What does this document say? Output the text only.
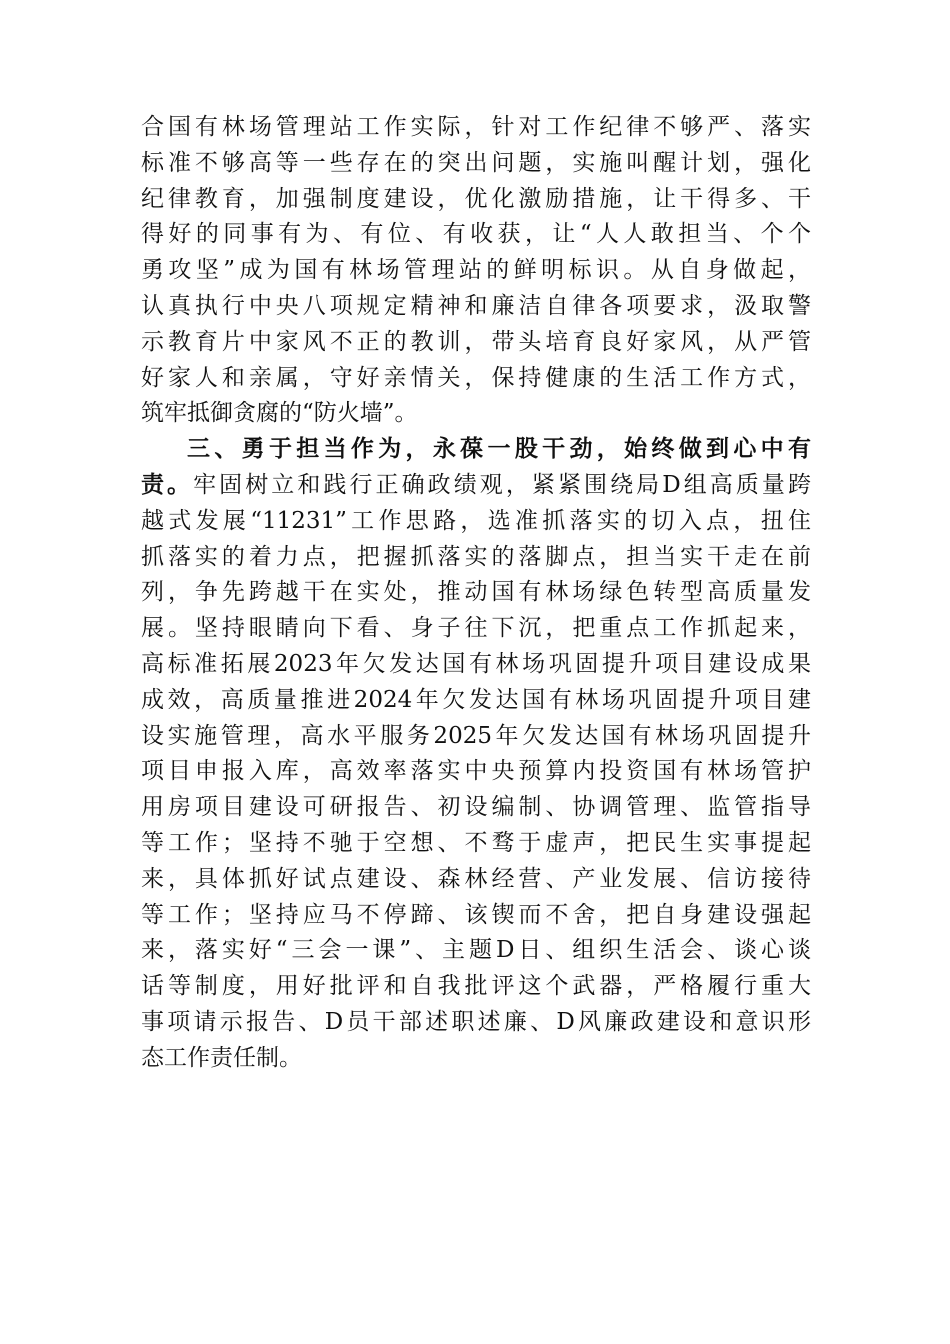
合国有林场管理站工作实际，针对工作纪律不够严、落实
标准不够高等一些存在的突出问题，实施叫醒计划，强化
纪律教育，加强制度建设，优化激励措施，让干得多、干
得好的同事有为、有位、有收获，让“人人敢担当、个个
勇攻坚”成为国有林场管理站的鲜明标识。从自身做起，
认真执行中央八项规定精神和廉洁自律各项要求，汲取警
示教育片中家风不正的教训，带头培育良好家风，从严管
好家人和亲属，守好亲情关，保持健康的生活工作方式，
筑牢抵御贪腐的“防火墙”。
三、勇于担当作为，永葆一股干劲，始终做到心中有
责。牢固树立和践行正确政绩观，紧紧围绕局D组高质量跨
越式发展“11231”工作思路，选准抓落实的切入点，扭住
抓落实的着力点，把握抓落实的落脚点，担当实干走在前
列，争先跨越干在实处，推动国有林场绿色转型高质量发
展。坚持眼睛向下看、身子往下沉，把重点工作抓起来，
高标准拓展2023年欠发达国有林场巩固提升项目建设成果
成效，高质量推进2024年欠发达国有林场巩固提升项目建
设实施管理，高水平服务2025年欠发达国有林场巩固提升
项目申报入库，高效率落实中央预算内投资国有林场管护
用房项目建设可研报告、初设编制、协调管理、监管指导
等工作；坚持不驰于空想、不骛于虚声，把民生实事提起
来，具体抓好试点建设、森林经营、产业发展、信访接待
等工作；坚持应马不停蹄、该锲而不舍，把自身建设强起
来，落实好“三会一课”、主题D日、组织生活会、谈心谈
话等制度，用好批评和自我批评这个武器，严格履行重大
事项请示报告、D员干部述职述廉、D风廉政建设和意识形
态工作责任制。
